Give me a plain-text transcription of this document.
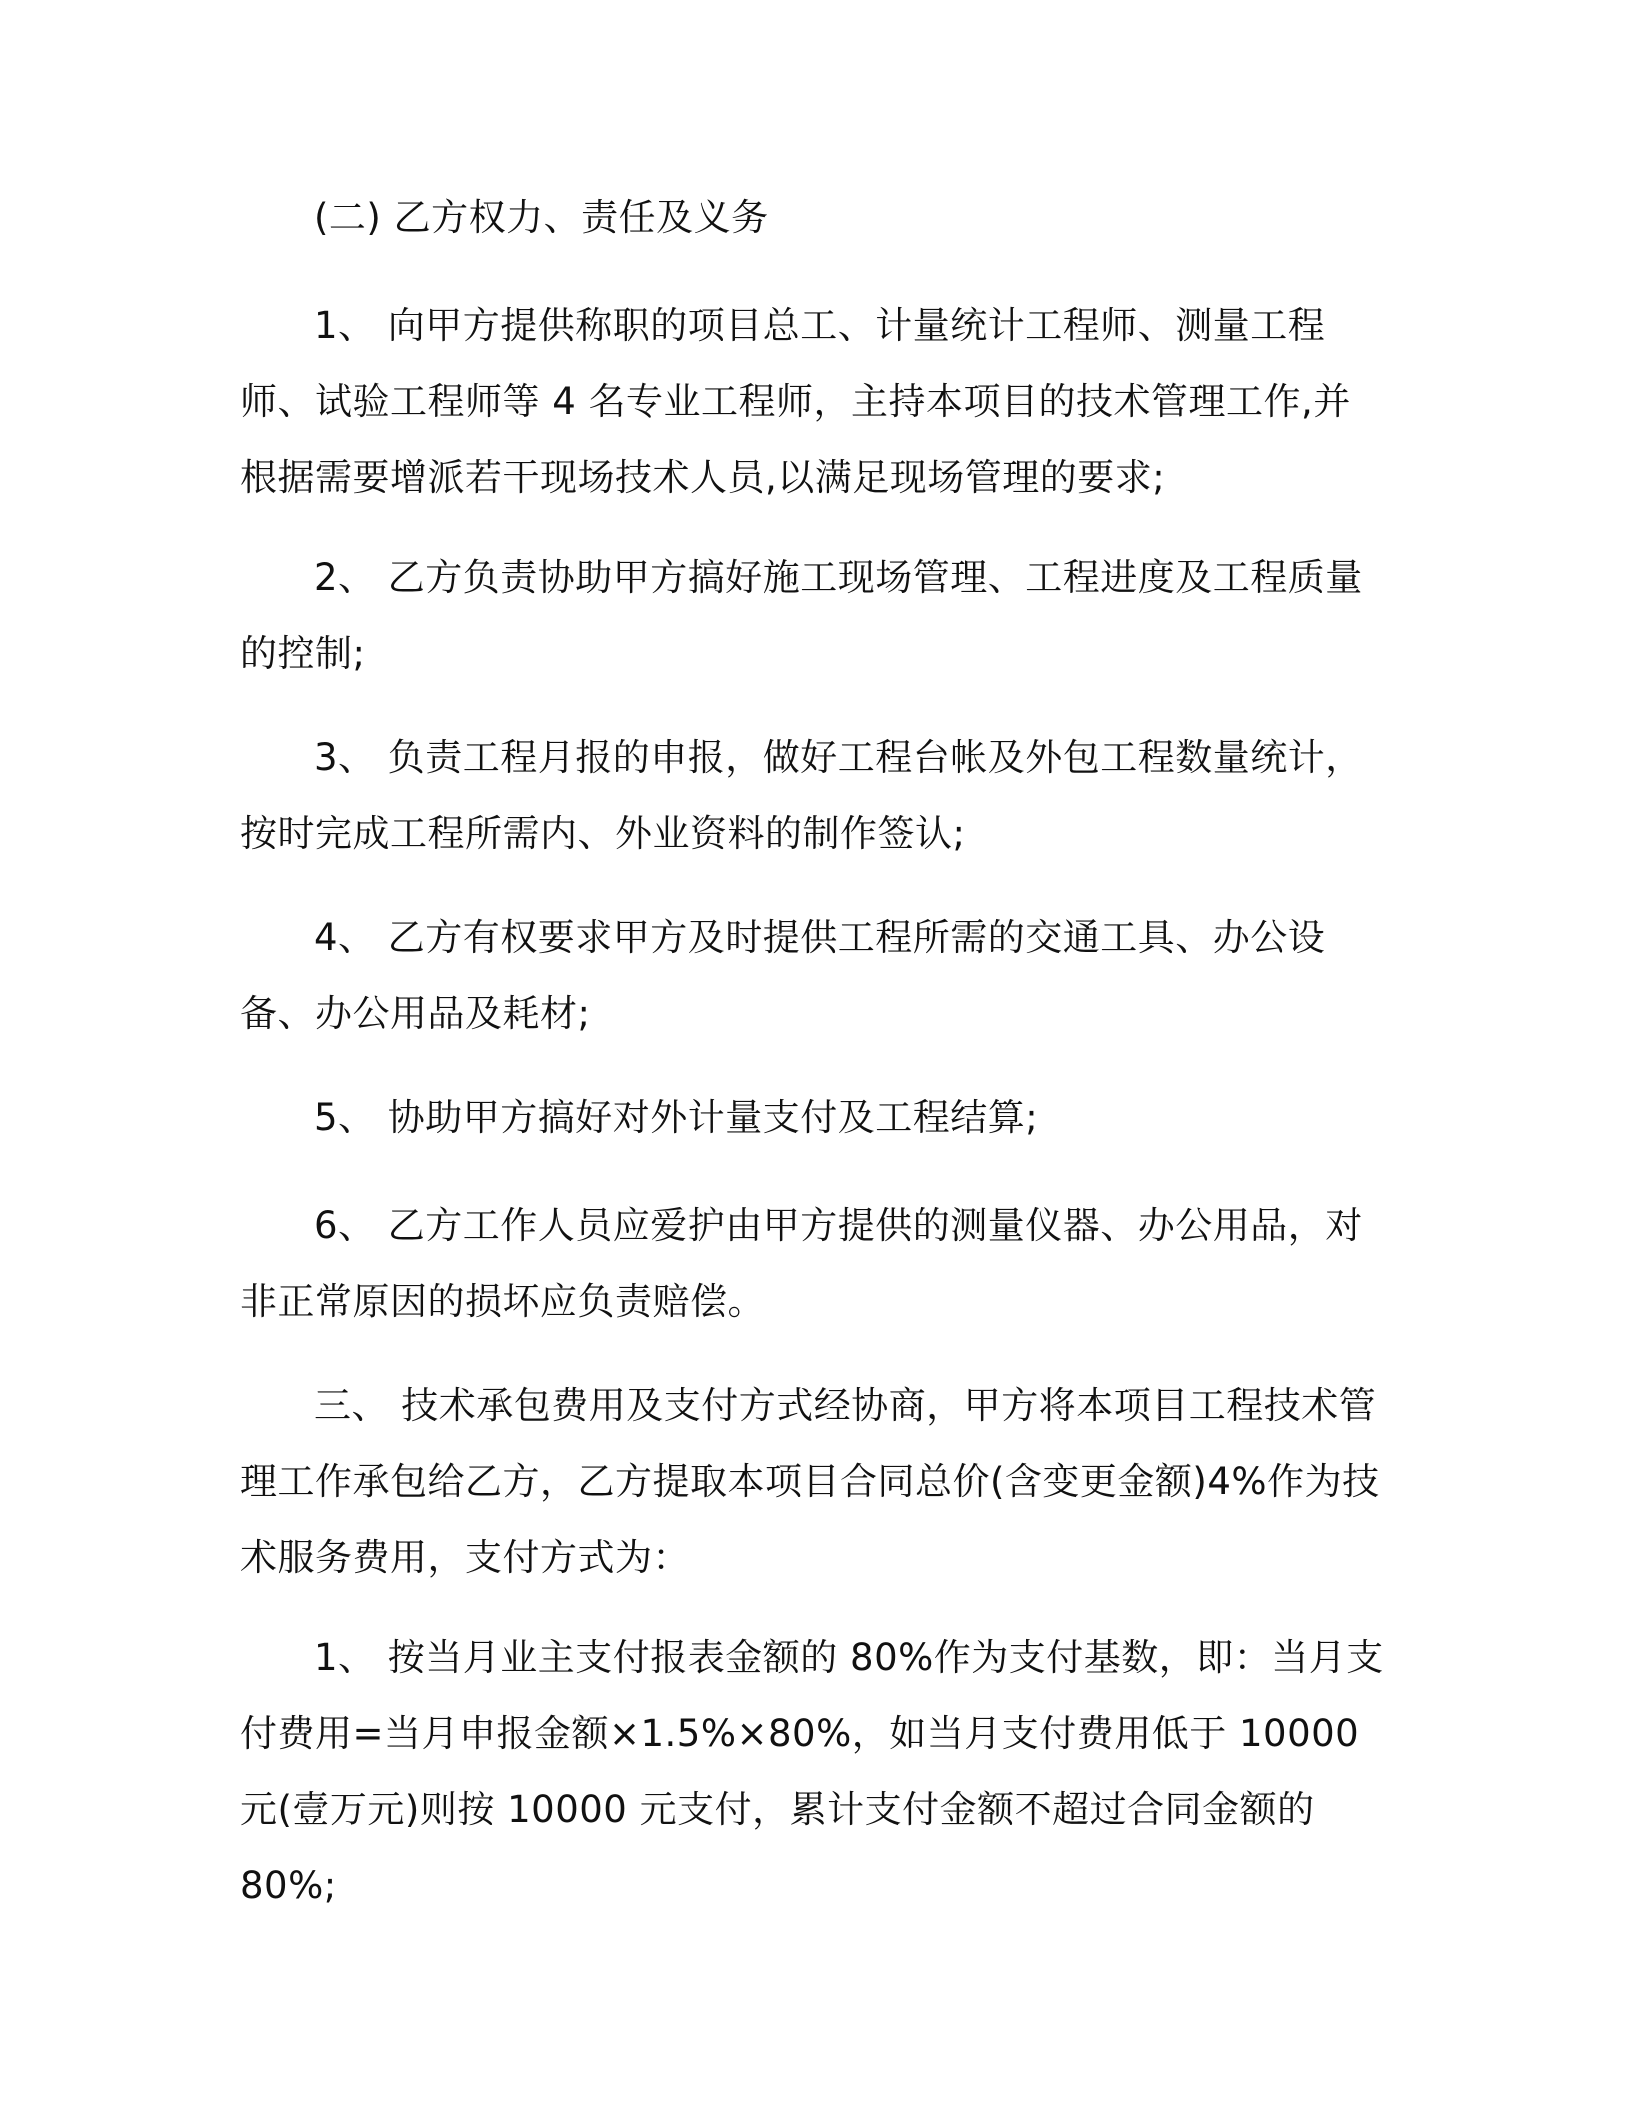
(二) 乙方权力、责任及义务

1、 向甲方提供称职的项目总工、计量统计工程师、测量工程师、试验工程师等 4 名专业工程师，主持本项目的技术管理工作,并根据需要增派若干现场技术人员,以满足现场管理的要求;

2、 乙方负责协助甲方搞好施工现场管理、工程进度及工程质量的控制;

3、 负责工程月报的申报，做好工程台帐及外包工程数量统计，按时完成工程所需内、外业资料的制作签认;

4、 乙方有权要求甲方及时提供工程所需的交通工具、办公设备、办公用品及耗材;

5、 协助甲方搞好对外计量支付及工程结算;

6、 乙方工作人员应爱护由甲方提供的测量仪器、办公用品，对非正常原因的损坏应负责赔偿。

三、 技术承包费用及支付方式经协商，甲方将本项目工程技术管理工作承包给乙方，乙方提取本项目合同总价(含变更金额)4%作为技术服务费用，支付方式为：

1、 按当月业主支付报表金额的 80%作为支付基数，即：当月支付费用=当月申报金额×1.5%×80%，如当月支付费用低于 10000 元(壹万元)则按 10000 元支付，累计支付金额不超过合同金额的 80%;
